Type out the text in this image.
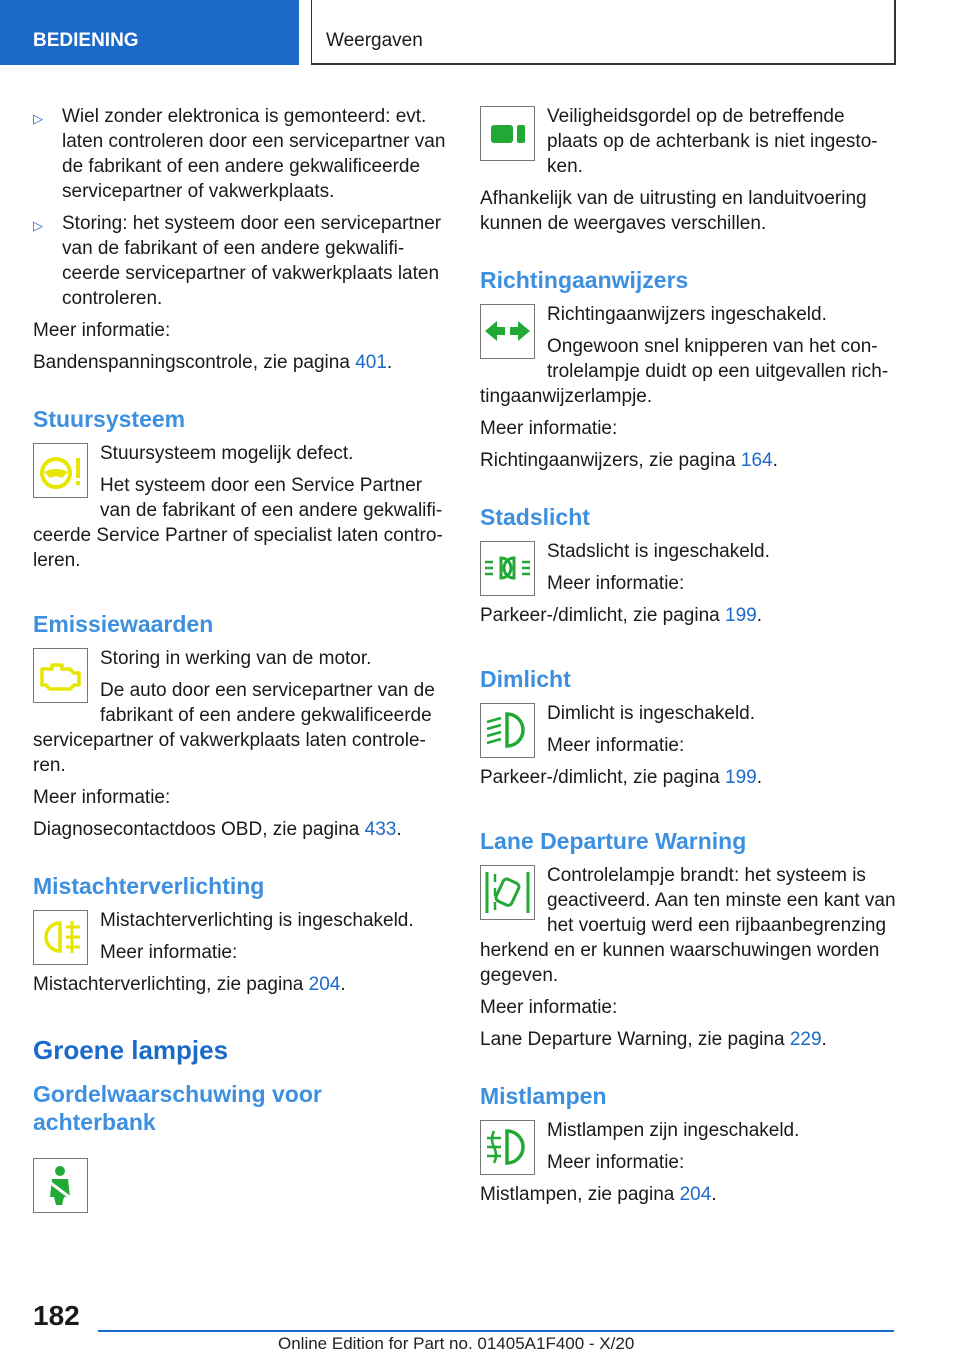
BEDIENING	Weergaven
▷	Wiel zonder elektronica is gemonteerd: evt. laten controleren door een servicepartner van de fabrikant of een andere gekwalificeerde servicepartner of vakwerkplaats.
▷	Storing: het systeem door een servicepartner van de fabrikant of een andere gekwalificeerde servicepartner of vakwerkplaats laten controleren.

Meer informatie:

Bandenspanningscontrole, zie pagina 401.

Stuursysteem

Stuursysteem mogelijk defect.

Het systeem door een Service Partner van de fabrikant of een andere gekwalificeerde Service Partner of specialist laten controleren.

Emissiewaarden

Storing in werking van de motor.

De auto door een servicepartner van de fabrikant of een andere gekwalificeerde servicepartner of vakwerkplaats laten controleren.

Meer informatie:

Diagnosecontactdoos OBD, zie pagina 433.

Mistachterverlichting

Mistachterverlichting is ingeschakeld.

Meer informatie:

Mistachterverlichting, zie pagina 204.

Groene lampjes
Gordelwaarschuwing voor achterbank

Veiligheidsgordel op de betreffende plaats op de achterbank is niet ingestoken.

Afhankelijk van de uitrusting en landuitvoering kunnen de weergaves verschillen.

Richtingaanwijzers

Richtingaanwijzers ingeschakeld.

Ongewoon snel knipperen van het controlelampje duidt op een uitgevallen richtingaanwijzerlampje.

Meer informatie:

Richtingaanwijzers, zie pagina 164.

Stadslicht

Stadslicht is ingeschakeld.

Meer informatie:

Parkeer-/dimlicht, zie pagina 199.

Dimlicht

Dimlicht is ingeschakeld.

Meer informatie:

Parkeer-/dimlicht, zie pagina 199.

Lane Departure Warning

Controlelampje brandt: het systeem is geactiveerd. Aan ten minste een kant van het voertuig werd een rijbaanbegrenzing herkend en er kunnen waarschuwingen worden gegeven.

Meer informatie:

Lane Departure Warning, zie pagina 229.

Mistlampen

Mistlampen zijn ingeschakeld.

Meer informatie:

Mistlampen, zie pagina 204.

182
Online Edition for Part no. 01405A1F400 - X/20
